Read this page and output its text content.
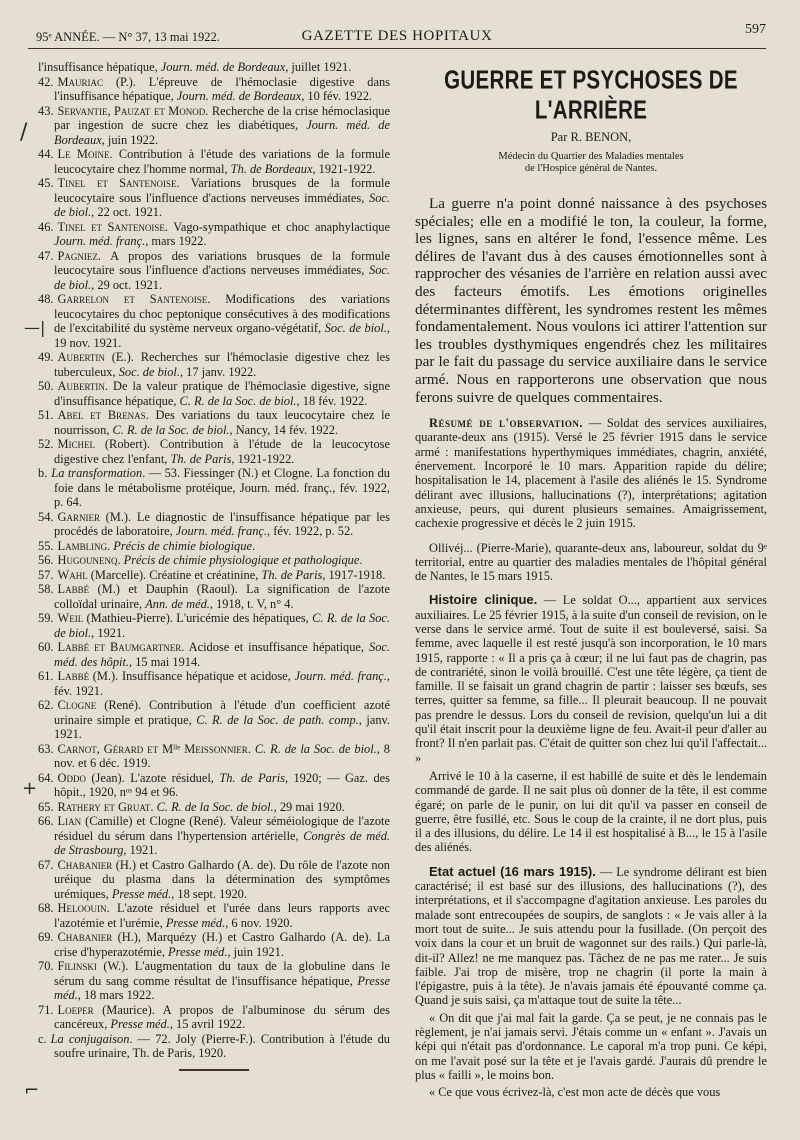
95ᵉ ANNÉE. — N° 37, 13 mai 1922.	GAZETTE DES HOPITAUX	597

l'insuffisance hépatique, Journ. méd. de Bordeaux, juillet 1921.

42. Mauriac (P.). L'épreuve de l'hémoclasie digestive dans l'insuffisance hépatique, Journ. méd. de Bordeaux, 10 fév. 1922.

43. Servantie, Pauzat et Monod. Recherche de la crise hémoclasique par ingestion de sucre chez les diabétiques, Journ. méd. de Bordeaux, juin 1922.

44. Le Moine. Contribution à l'étude des variations de la formule leucocytaire chez l'homme normal, Th. de Bordeaux, 1921-1922.

45. Tinel et Santenoise. Variations brusques de la formule leucocytaire sous l'influence d'actions nerveuses immédiates, Soc. de biol., 22 oct. 1921.

46. Tinel et Santenoise. Vago-sympathique et choc anaphylactique Journ. méd. franç., mars 1922.

47. Pagniez. A propos des variations brusques de la formule leucocytaire sous l'influence d'actions nerveuses immédiates, Soc. de biol., 29 oct. 1921.

48. Garrelon et Santenoise. Modifications des variations leucocytaires du choc peptonique consécutives à des modifications de l'excitabilité du système nerveux organo-végétatif, Soc. de biol., 19 nov. 1921.

49. Aubertin (E.). Recherches sur l'hémoclasie digestive chez les tuberculeux, Soc. de biol., 17 janv. 1922.

50. Aubertin. De la valeur pratique de l'hémoclasie digestive, signe d'insuffisance hépatique, C. R. de la Soc. de biol., 18 fév. 1922.

51. Abel et Brenas. Des variations du taux leucocytaire chez le nourrisson, C. R. de la Soc. de biol., Nancy, 14 fév. 1922.

52. Michel (Robert). Contribution à l'étude de la leucocytose digestive chez l'enfant, Th. de Paris, 1921-1922.

b. La transformation. — 53. Fiessinger (N.) et Clogne. La fonction du foie dans le métabolisme protéique, Journ. méd. franç., fév. 1922, p. 64.

54. Garnier (M.). Le diagnostic de l'insuffisance hépatique par les procédés de laboratoire, Journ. méd. franç., fév. 1922, p. 52.

55. Lambling. Précis de chimie biologique.

56. Hugounenq. Précis de chimie physiologique et pathologique.

57. Wahl (Marcelle). Créatine et créatinine, Th. de Paris, 1917-1918.

58. Labbé (M.) et Dauphin (Raoul). La signification de l'azote colloïdal urinaire, Ann. de méd., 1918, t. V, n° 4.

59. Weil (Mathieu-Pierre). L'uricémie des hépatiques, C. R. de la Soc. de biol., 1921.

60. Labbé et Baumgartner. Acidose et insuffisance hépatique, Soc. méd. des hôpit., 15 mai 1914.

61. Labbé (M.). Insuffisance hépatique et acidose, Journ. méd. franç., fév. 1921.

62. Clogne (René). Contribution à l'étude d'un coefficient azoté urinaire simple et pratique, C. R. de la Soc. de path. comp., janv. 1921.

63. Carnot, Gérard et Mˡˡᵉ Meissonnier. C. R. de la Soc. de biol., 8 nov. et 6 déc. 1919.

64. Oddo (Jean). L'azote résiduel, Th. de Paris, 1920; — Gaz. des hôpit., 1920, nᵒˢ 94 et 96.

65. Rathery et Gruat. C. R. de la Soc. de biol., 29 mai 1920.

66. Lian (Camille) et Clogne (René). Valeur séméiologique de l'azote résiduel du sérum dans l'hypertension artérielle, Congrès de méd. de Strasbourg, 1921.

67. Chabanier (H.) et Castro Galhardo (A. de). Du rôle de l'azote non uréique du plasma dans la détermination des symptômes urémiques, Presse méd., 18 sept. 1920.

68. Heloouin. L'azote résiduel et l'urée dans leurs rapports avec l'azotémie et l'urémie, Presse méd., 6 nov. 1920.

69. Chabanier (H.), Marquézy (H.) et Castro Galhardo (A. de). La crise d'hyperazotémie, Presse méd., juin 1921.

70. Filinski (W.). L'augmentation du taux de la globuline dans le sérum du sang comme résultat de l'insuffisance hépatique, Presse méd., 18 mars 1922.

71. Loeper (Maurice). A propos de l'albuminose du sérum des cancéreux, Presse méd., 15 avril 1922.

c. La conjugaison. — 72. Joly (Pierre-F.). Contribution à l'étude du soufre urinaire, Th. de Paris, 1920.

GUERRE ET PSYCHOSES DE L'ARRIÈRE
Par R. BENON,
Médecin du Quartier des Maladies mentales
de l'Hospice général de Nantes.

La guerre n'a point donné naissance à des psychoses spéciales; elle en a modifié le ton, la couleur, la forme, les lignes, sans en altérer le fond, l'essence même. Les délires de l'avant dus à des causes émotionnelles sont à rapprocher des vésanies de l'arrière en relation aussi avec des facteurs émotifs. Les émotions originelles déterminantes diffèrent, les syndromes restent les mêmes fondamentalement. Nous voulons ici attirer l'attention sur les troubles dysthymiques engendrés chez les militaires par le fait du passage du service auxiliaire dans le service armé. Nous en rapporterons une observation que nous ferons suivre de quelques commentaires.

Résumé de l'observation. — Soldat des services auxiliaires, quarante-deux ans (1915). Versé le 25 février 1915 dans le service armé : manifestations hyperthymiques immédiates, chagrin, anxiété, énervement. Incorporé le 10 mars. Apparition rapide du délire; hospitalisation le 14, placement à l'asile des aliénés le 15. Syndrome délirant avec illusions, hallucinations (?), interprétations; agitation anxieuse, peurs, qui durent plusieurs semaines. Amaigrissement, cachexie progressive et décès le 2 juin 1915.

Ollivéj... (Pierre-Marie), quarante-deux ans, laboureur, soldat du 9ᵉ territorial, entre au quartier des maladies mentales de l'hôpital général de Nantes, le 15 mars 1915.

Histoire clinique. — Le soldat O..., appartient aux services auxiliaires. Le 25 février 1915, à la suite d'un conseil de revision, on le verse dans le service armé. Tout de suite il est bouleversé, saisi. Sa femme, avec laquelle il est resté jusqu'à son incorporation, le 10 mars 1915, rapporte : « Il a pris ça à cœur; il ne lui faut pas de chagrin, pas de contrariété, sinon le voilà brouillé. C'est une tête légère, ça tient de famille. Il se faisait un grand chagrin de partir : laisser ses bœufs, ses terres, quitter sa femme, sa fille... Il pleurait beaucoup. Il ne pouvait pas prendre le dessus. Lors du conseil de revision, quelqu'un lui a dit qu'il était inscrit pour la deuxième ligne de feu. Avait-il peur d'aller au front? Il n'en parlait pas. C'était de quitter son chez lui qu'il l'affectait... »

Arrivé le 10 à la caserne, il est habillé de suite et dès le lendemain commandé de garde. Il ne sait plus où donner de la tête, il est comme égaré; on parle de le punir, on lui dit qu'il va passer en conseil de guerre, être fusillé, etc. Sous le coup de la crainte, il ne dort plus, puis il a des illusions, du délire. Le 14 il est hospitalisé à B..., le 15 à l'asile des aliénés.

Etat actuel (16 mars 1915). — Le syndrome délirant est bien caractérisé; il est basé sur des illusions, des hallucinations (?), des interprétations, et il s'accompagne d'agitation anxieuse. Les paroles du malade sont entrecoupées de soupirs, de sanglots : « Je vais aller à la mort tout de suite... Je suis attendu pour la fusillade. (On perçoit des voix dans la cour et un bruit de wagonnet sur des rails.) Qui parle-là, dit-il? Allez! ne me manquez pas. Tâchez de ne pas me rater... Je suis faible. J'ai trop de misère, trop ne chagrin (il porte la main à l'épigastre, puis à la tête). Je n'avais jamais été épouvanté comme ça. Quand je suis saisi, ça m'attaque tout de suite la tête...

« On dit que j'ai mal fait la garde. Ça se peut, je ne connais pas le règlement, je n'ai jamais servi. J'étais comme un « enfant ». J'avais un képi qui n'était pas d'ordonnance. Le caporal m'a trop puni. Ce képi, on me l'avait posé sur la tête et je l'avais gardé. J'aurais dû prendre le plus « failli », le moins bon.

« Ce que vous écrivez-là, c'est mon acte de décès que vous

/
—|
+
⌐
